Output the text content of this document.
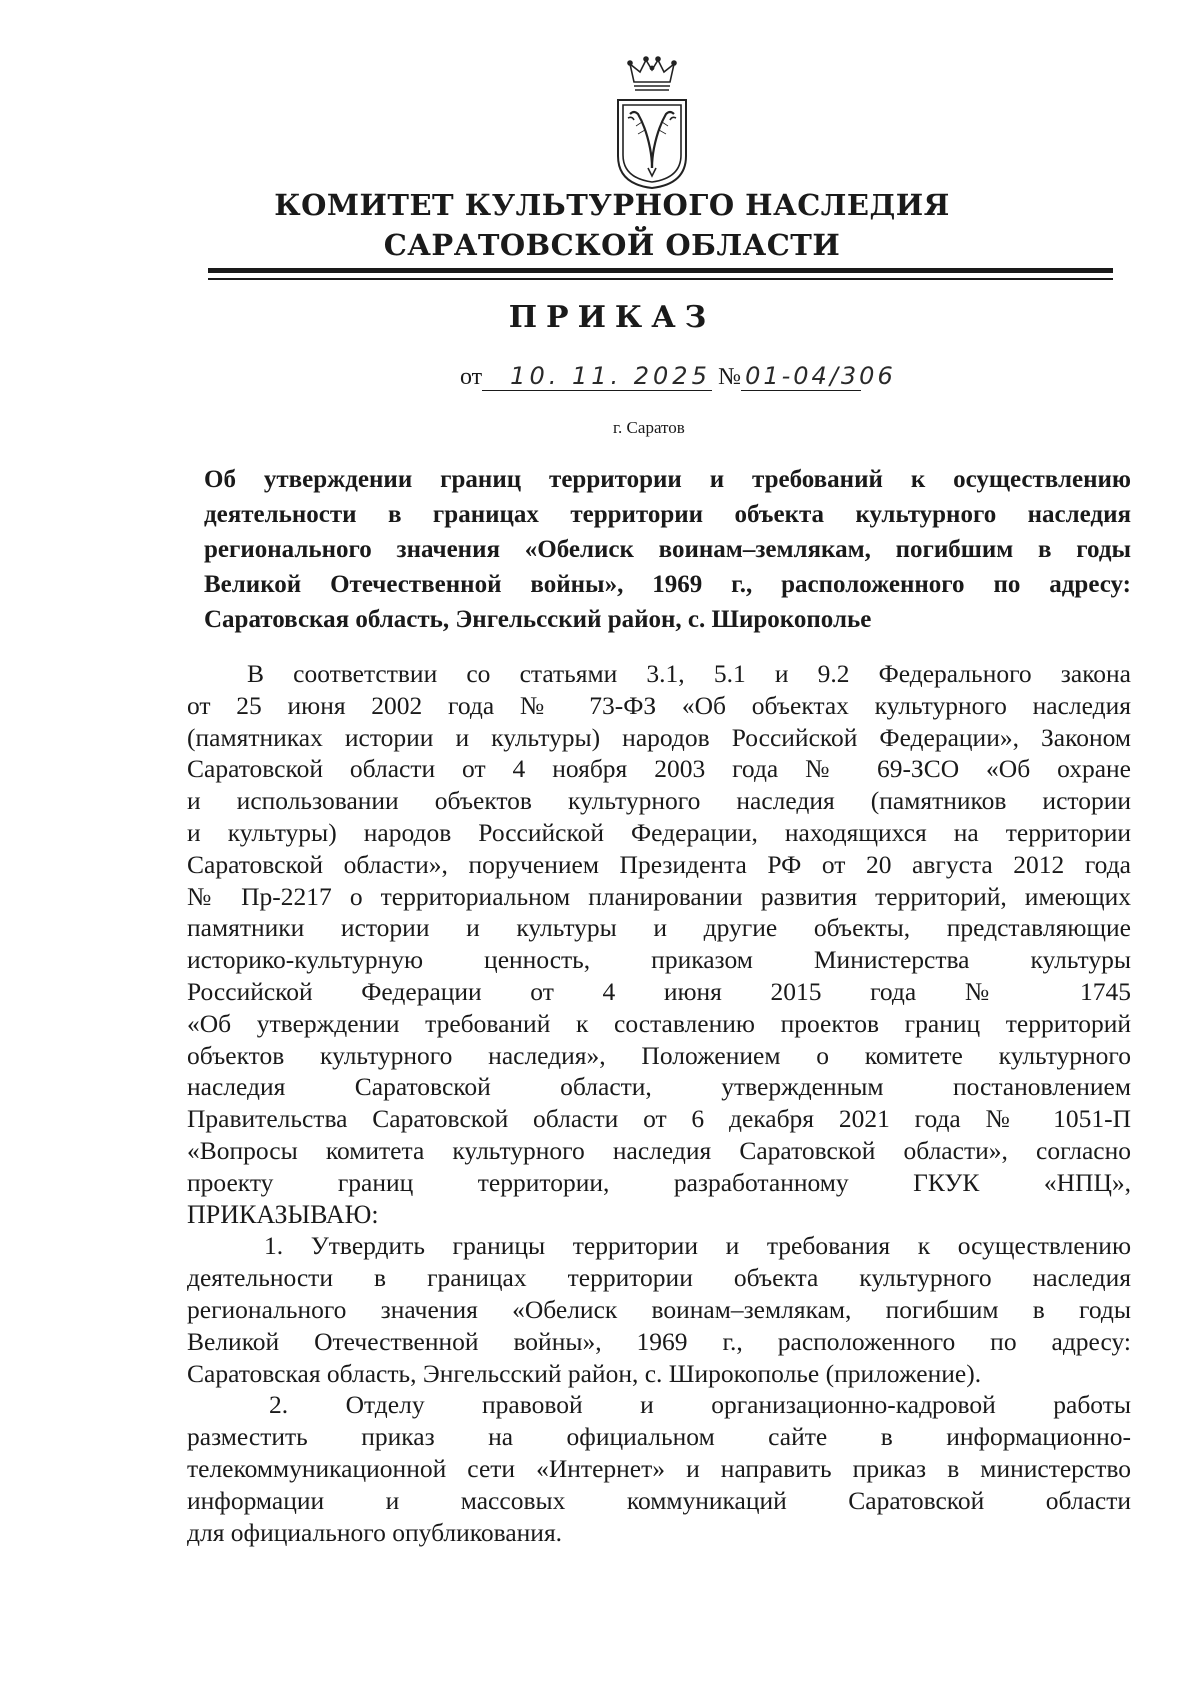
КОМИТЕТ КУЛЬТУРНОГО НАСЛЕДИЯ
САРАТОВСКОЙ ОБЛАСТИ
ПРИКАЗ
от 10. 11. 2025 № 01-04/306
г. Саратов
Об утверждении границ территории и требований к осуществлению
деятельности в границах территории объекта культурного наследия
регионального значения «Обелиск воинам–землякам, погибшим в годы
Великой Отечественной войны», 1969 г., расположенного по адресу:
Саратовская область, Энгельсский район, с. Широкополье
В соответствии со статьями 3.1, 5.1 и 9.2 Федерального закона
от 25 июня 2002 года № 73-ФЗ «Об объектах культурного наследия
(памятниках истории и культуры) народов Российской Федерации», Законом
Саратовской области от 4 ноября 2003 года № 69-ЗСО «Об охране
и использовании объектов культурного наследия (памятников истории
и культуры) народов Российской Федерации, находящихся на территории
Саратовской области», поручением Президента РФ от 20 августа 2012 года
№ Пр-2217 о территориальном планировании развития территорий, имеющих
памятники истории и культуры и другие объекты, представляющие
историко-культурную ценность, приказом Министерства культуры
Российской Федерации от 4 июня 2015 года № 1745
«Об утверждении требований к составлению проектов границ территорий
объектов культурного наследия», Положением о комитете культурного
наследия Саратовской области, утвержденным постановлением
Правительства Саратовской области от 6 декабря 2021 года № 1051-П
«Вопросы комитета культурного наследия Саратовской области», согласно
проекту границ территории, разработанному ГКУК «НПЦ»,
ПРИКАЗЫВАЮ:
1. Утвердить границы территории и требования к осуществлению
деятельности в границах территории объекта культурного наследия
регионального значения «Обелиск воинам–землякам, погибшим в годы
Великой Отечественной войны», 1969 г., расположенного по адресу:
Саратовская область, Энгельсский район, с. Широкополье (приложение).
2. Отделу правовой и организационно-кадровой работы
разместить приказ на официальном сайте в информационно-
телекоммуникационной сети «Интернет» и направить приказ в министерство
информации и массовых коммуникаций Саратовской области
для официального опубликования.
